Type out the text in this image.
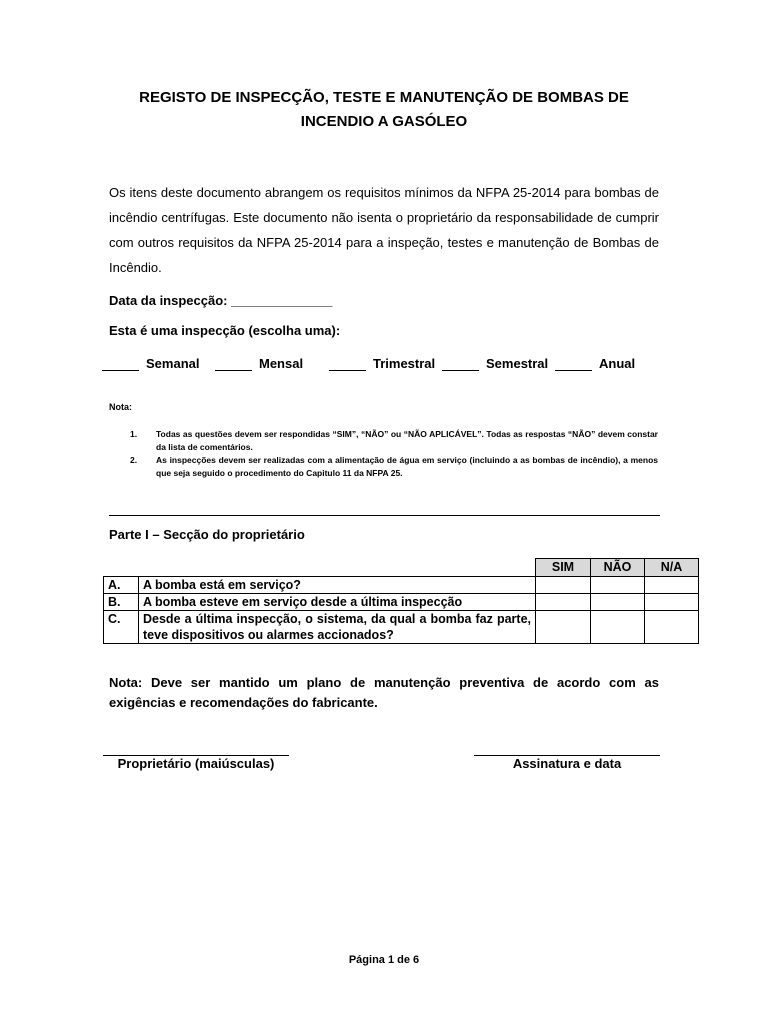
REGISTO DE INSPECÇÃO, TESTE E MANUTENÇÃO DE BOMBAS DE
INCENDIO A GASÓLEO
Os itens deste documento abrangem os requisitos mínimos da NFPA 25-2014 para bombas de incêndio centrífugas. Este documento não isenta o proprietário da responsabilidade de cumprir com outros requisitos da NFPA 25-2014 para a inspeção, testes e manutenção de Bombas de Incêndio.
Data da inspecção: ______________
Esta é uma inspecção (escolha uma):
Semanal	Mensal	Trimestral	Semestral	Anual
Nota:
1. Todas as questões devem ser respondidas “SIM”, “NÃO” ou “NÃO APLICÁVEL”. Todas as respostas “NÃO” devem constar da lista de comentários.
2. As inspecções devem ser realizadas com a alimentação de água em serviço (incluindo a as bombas de incêndio), a menos que seja seguido o procedimento do Capitulo 11 da NFPA 25.
Parte I – Secção do proprietário
		SIM	NÃO	N/A
A.	A bomba está em serviço?			
B.	A bomba esteve em serviço desde a última inspecção			
C.	Desde a última inspecção, o sistema, da qual a bomba faz parte, teve dispositivos ou alarmes accionados?			
Nota: Deve ser mantido um plano de manutenção preventiva de acordo com as exigências e recomendações do fabricante.
Proprietário (maiúsculas)	Assinatura e data
Página 1 de 6
